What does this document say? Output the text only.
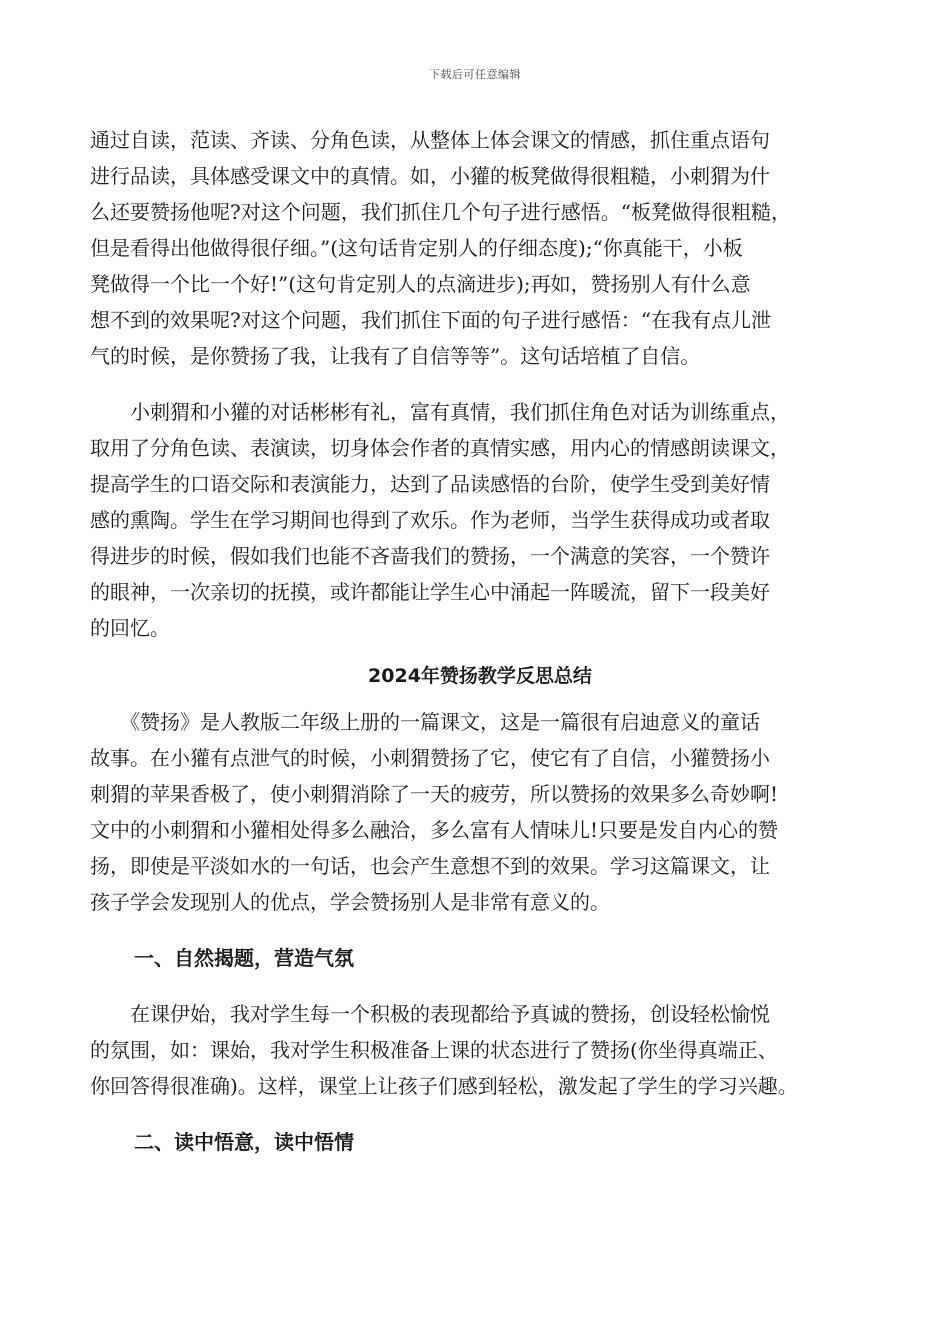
下载后可任意编辑
通过自读，范读、齐读、分角色读，从整体上体会课文的情感，抓住重点语句
进行品读，具体感受课文中的真情。如，小獾的板凳做得很粗糙，小刺猬为什
么还要赞扬他呢?对这个问题，我们抓住几个句子进行感悟。“板凳做得很粗糙，
但是看得出他做得很仔细。”(这句话肯定别人的仔细态度);“你真能干，小板
凳做得一个比一个好!”(这句肯定别人的点滴进步);再如，赞扬别人有什么意
想不到的效果呢?对这个问题，我们抓住下面的句子进行感悟：“在我有点儿泄
气的时候，是你赞扬了我，让我有了自信等等”。这句话培植了自信。
　　小刺猬和小獾的对话彬彬有礼，富有真情，我们抓住角色对话为训练重点，
取用了分角色读、表演读，切身体会作者的真情实感，用内心的情感朗读课文，
提高学生的口语交际和表演能力，达到了品读感悟的台阶，使学生受到美好情
感的熏陶。学生在学习期间也得到了欢乐。作为老师，当学生获得成功或者取
得进步的时候，假如我们也能不吝啬我们的赞扬，一个满意的笑容，一个赞许
的眼神，一次亲切的抚摸，或许都能让学生心中涌起一阵暖流，留下一段美好
的回忆。
2024年赞扬教学反思总结
　　《赞扬》是人教版二年级上册的一篇课文，这是一篇很有启迪意义的童话
故事。在小獾有点泄气的时候，小刺猬赞扬了它，使它有了自信，小獾赞扬小
刺猬的苹果香极了，使小刺猬消除了一天的疲劳，所以赞扬的效果多么奇妙啊!
文中的小刺猬和小獾相处得多么融洽，多么富有人情味儿!只要是发自内心的赞
扬，即使是平淡如水的一句话，也会产生意想不到的效果。学习这篇课文，让
孩子学会发现别人的优点，学会赞扬别人是非常有意义的。
一、自然揭题，营造气氛
　　在课伊始，我对学生每一个积极的表现都给予真诚的赞扬，创设轻松愉悦
的氛围，如：课始，我对学生积极准备上课的状态进行了赞扬(你坐得真端正、
你回答得很准确)。这样，课堂上让孩子们感到轻松，激发起了学生的学习兴趣。
二、读中悟意，读中悟情
